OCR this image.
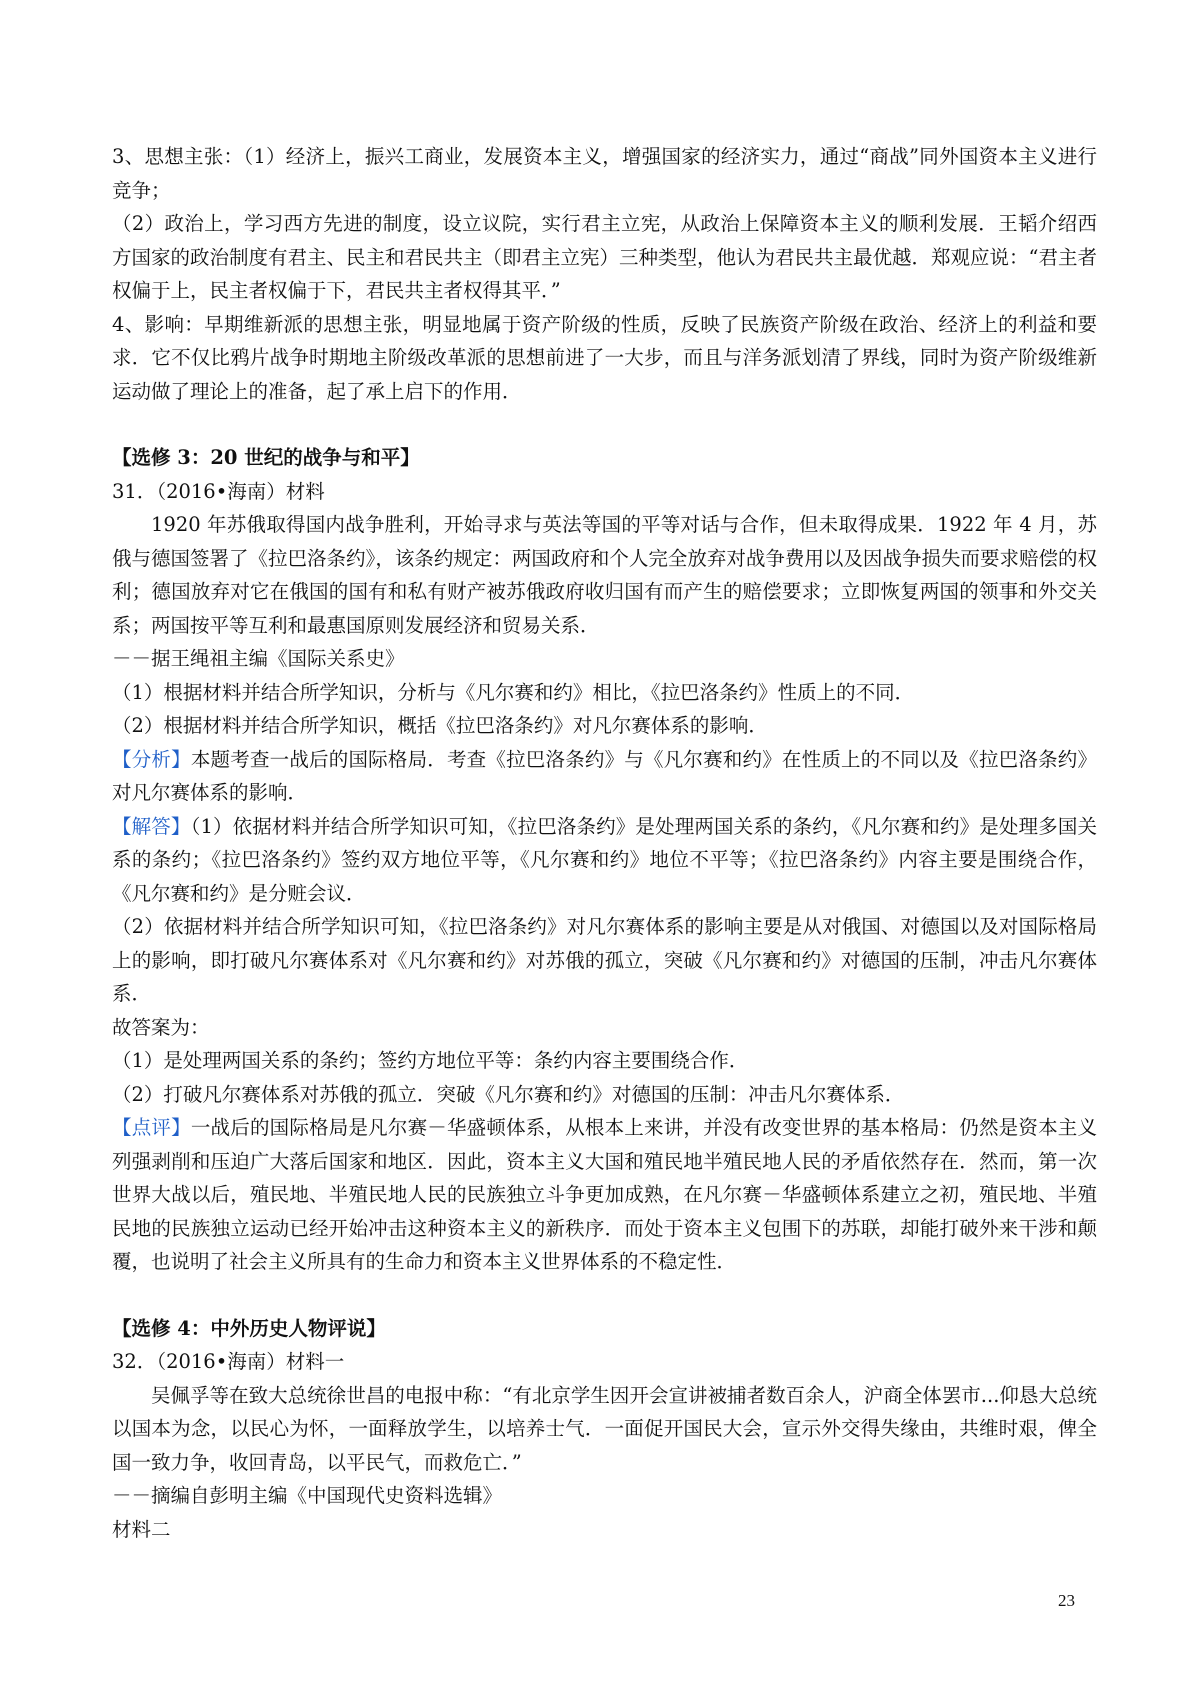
3、思想主张：（1）经济上，振兴工商业，发展资本主义，增强国家的经济实力，通过“商战”同外国资本主义进行竞争；

（2）政治上，学习西方先进的制度，设立议院，实行君主立宪，从政治上保障资本主义的顺利发展．王韬介绍西方国家的政治制度有君主、民主和君民共主（即君主立宪）三种类型，他认为君民共主最优越．郑观应说：“君主者权偏于上，民主者权偏于下，君民共主者权得其平．”

4、影响：早期维新派的思想主张，明显地属于资产阶级的性质，反映了民族资产阶级在政治、经济上的利益和要求．它不仅比鸦片战争时期地主阶级改革派的思想前进了一大步，而且与洋务派划清了界线，同时为资产阶级维新运动做了理论上的准备，起了承上启下的作用．

【选修 3：20 世纪的战争与和平】

31．（2016•海南）材料

1920 年苏俄取得国内战争胜利，开始寻求与英法等国的平等对话与合作，但未取得成果．1922 年 4 月，苏俄与德国签署了《拉巴洛条约》，该条约规定：两国政府和个人完全放弃对战争费用以及因战争损失而要求赔偿的权利；德国放弃对它在俄国的国有和私有财产被苏俄政府收归国有而产生的赔偿要求；立即恢复两国的领事和外交关系；两国按平等互利和最惠国原则发展经济和贸易关系．

－－据王绳祖主编《国际关系史》

（1）根据材料并结合所学知识，分析与《凡尔赛和约》相比，《拉巴洛条约》性质上的不同．

（2）根据材料并结合所学知识，概括《拉巴洛条约》对凡尔赛体系的影响．

【分析】本题考查一战后的国际格局．考查《拉巴洛条约》与《凡尔赛和约》在性质上的不同以及《拉巴洛条约》对凡尔赛体系的影响．

【解答】（1）依据材料并结合所学知识可知，《拉巴洛条约》是处理两国关系的条约，《凡尔赛和约》是处理多国关系的条约；《拉巴洛条约》签约双方地位平等，《凡尔赛和约》地位不平等；《拉巴洛条约》内容主要是围绕合作，《凡尔赛和约》是分赃会议．

（2）依据材料并结合所学知识可知，《拉巴洛条约》对凡尔赛体系的影响主要是从对俄国、对德国以及对国际格局上的影响，即打破凡尔赛体系对《凡尔赛和约》对苏俄的孤立，突破《凡尔赛和约》对德国的压制，冲击凡尔赛体系．

故答案为：

（1）是处理两国关系的条约；签约方地位平等：条约内容主要围绕合作．

（2）打破凡尔赛体系对苏俄的孤立．突破《凡尔赛和约》对德国的压制：冲击凡尔赛体系．

【点评】一战后的国际格局是凡尔赛－华盛顿体系，从根本上来讲，并没有改变世界的基本格局：仍然是资本主义列强剥削和压迫广大落后国家和地区．因此，资本主义大国和殖民地半殖民地人民的矛盾依然存在．然而，第一次世界大战以后，殖民地、半殖民地人民的民族独立斗争更加成熟，在凡尔赛－华盛顿体系建立之初，殖民地、半殖民地的民族独立运动已经开始冲击这种资本主义的新秩序．而处于资本主义包围下的苏联，却能打破外来干涉和颠覆，也说明了社会主义所具有的生命力和资本主义世界体系的不稳定性．

【选修 4：中外历史人物评说】

32．（2016•海南）材料一

吴佩孚等在致大总统徐世昌的电报中称：“有北京学生因开会宣讲被捕者数百余人，沪商全体罢市...仰恳大总统以国本为念，以民心为怀，一面释放学生，以培养士气．一面促开国民大会，宣示外交得失缘由，共维时艰，俾全国一致力争，收回青岛，以平民气，而救危亡．”

－－摘编自彭明主编《中国现代史资料选辑》

材料二

23
